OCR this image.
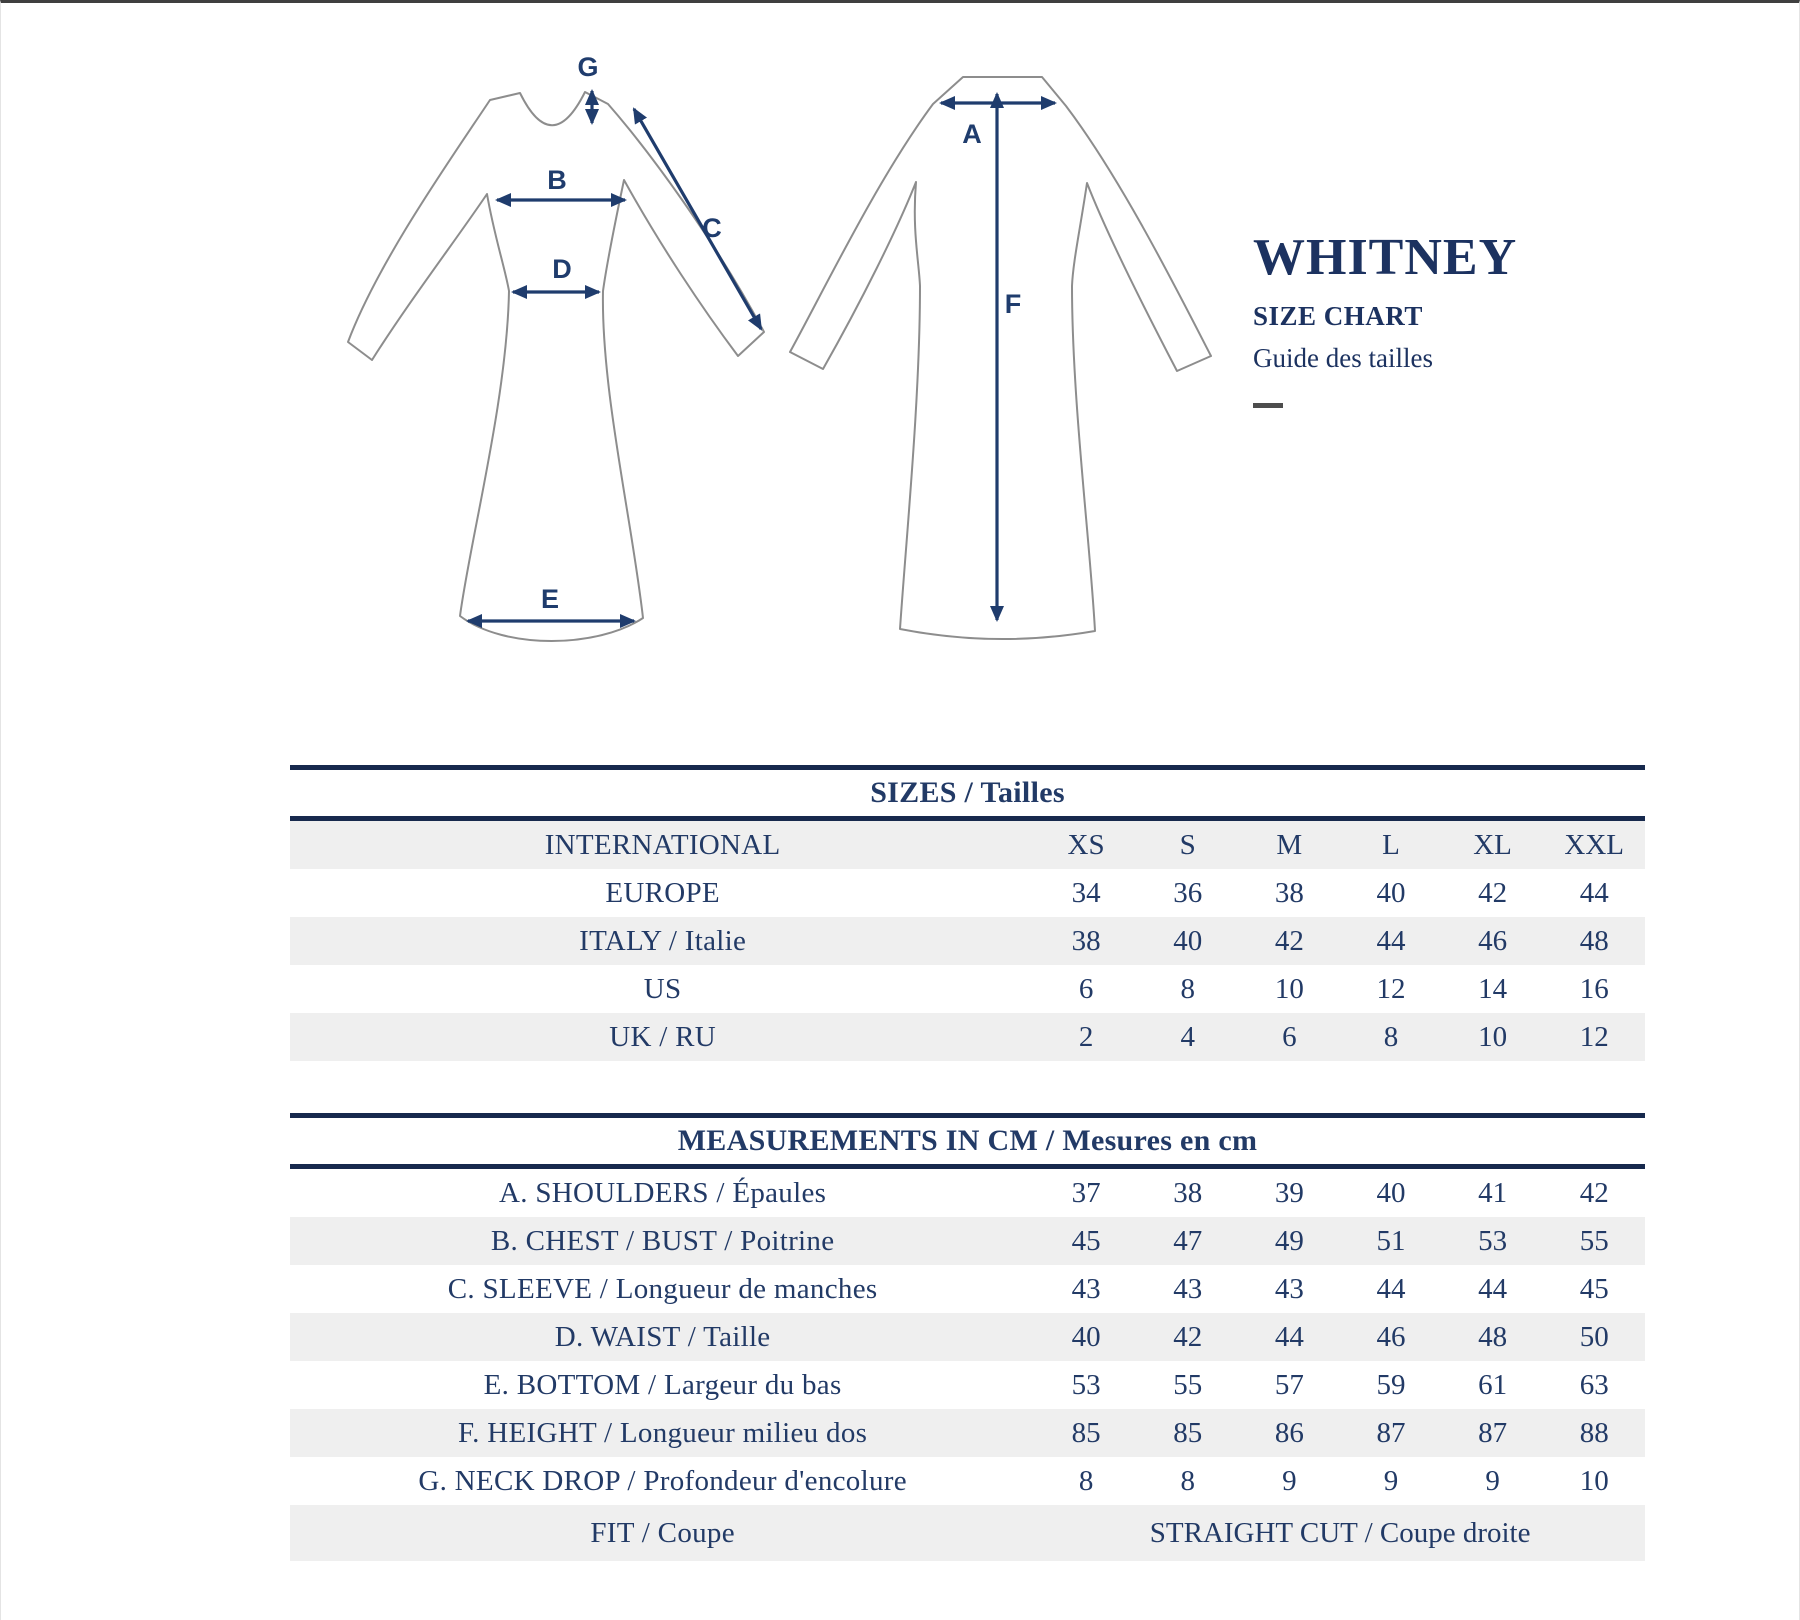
G
B
C
D
E
A
F
WHITNEY
SIZE CHART
Guide des tailles
SIZES / Tailles
INTERNATIONAL	XS	S	M	L	XL	XXL
EUROPE	34	36	38	40	42	44
ITALY / Italie	38	40	42	44	46	48
US	6	8	10	12	14	16
UK / RU	2	4	6	8	10	12
MEASUREMENTS IN CM / Mesures en cm
A. SHOULDERS / Épaules	37	38	39	40	41	42
B. CHEST / BUST / Poitrine	45	47	49	51	53	55
C. SLEEVE / Longueur de manches	43	43	43	44	44	45
D. WAIST / Taille	40	42	44	46	48	50
E. BOTTOM / Largeur du bas	53	55	57	59	61	63
F. HEIGHT / Longueur milieu dos	85	85	86	87	87	88
G. NECK DROP / Profondeur d'encolure	8	8	9	9	9	10
FIT / Coupe	STRAIGHT CUT / Coupe droite
